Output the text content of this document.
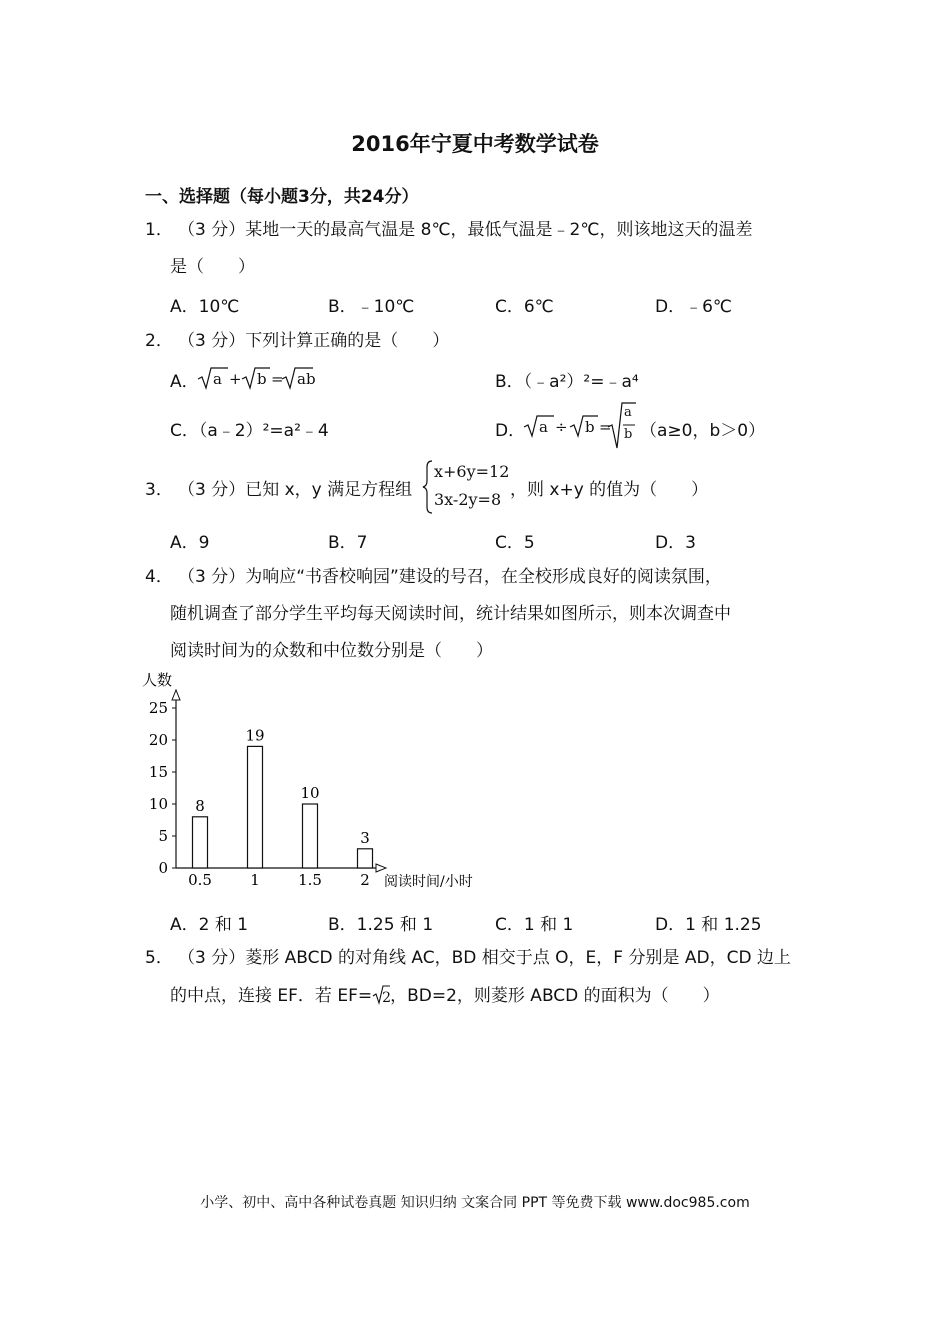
2016年宁夏中考数学试卷
一、选择题（每小题3分，共24分）
1． （3 分）某地一天的最高气温是 8℃，最低气温是﹣2℃，则该地这天的温差
是（　　）
A．10℃	B．﹣10℃	C．6℃	D．﹣6℃
2． （3 分）下列计算正确的是（　　）
A． a + b = ab	B．（﹣a²）²=﹣a⁴
C．（a﹣2）²=a²﹣4	D． a ÷ b =
a
b （a≥0，b＞0）
3． （3 分）已知 x，y 满足方程组
x+6y=12
3x-2y=8 ，则 x+y 的值为（　　）
A．9	B．7	C．5	D．3
4． （3 分）为响应“书香校响园”建设的号召，在全校形成良好的阅读氛围，
随机调查了部分学生平均每天阅读时间，统计结果如图所示，则本次调查中
阅读时间为的众数和中位数分别是（　　）
人数
阅读时间/小时
0
5
10
15
20
25
8
0.5
19
1
10
1.5
3
2
A．2 和 1	B．1.25 和 1	C．1 和 1	D．1 和 1.25
5． （3 分）菱形 ABCD 的对角线 AC，BD 相交于点 O，E，F 分别是 AD，CD 边上
的中点，连接 EF．若 EF= 2 ，BD=2，则菱形 ABCD 的面积为（　　）
小学、初中、高中各种试卷真题 知识归纳 文案合同 PPT 等免费下载 www.doc985.com
